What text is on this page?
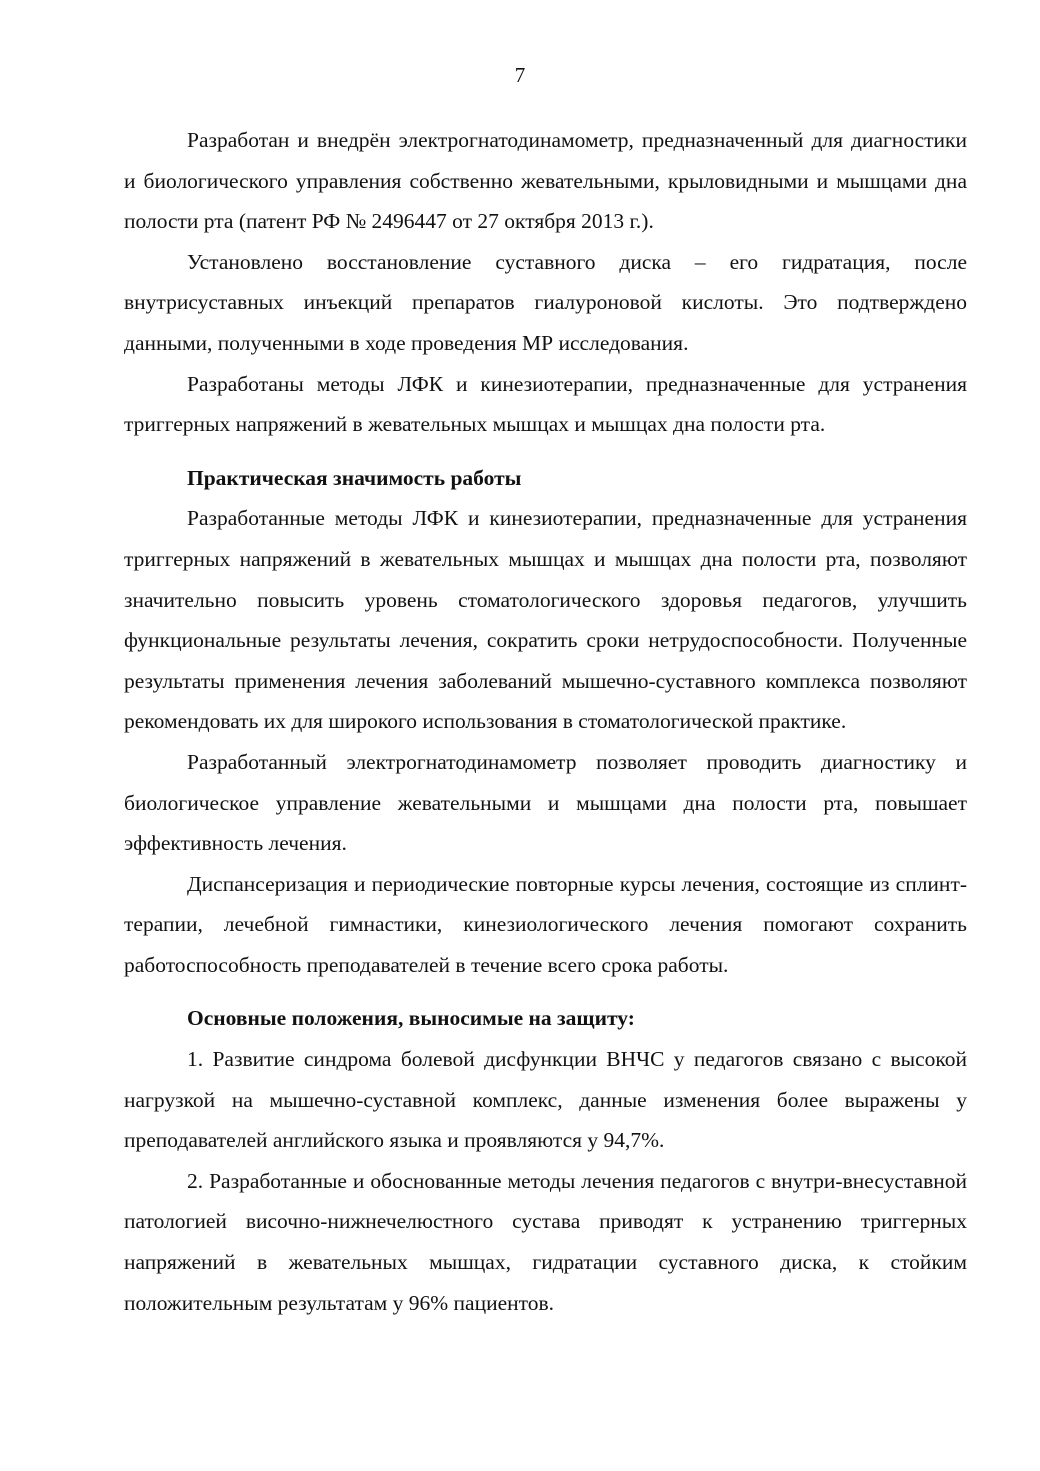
7

Разработан и внедрён электрогнатодинамометр, предназначенный для диагностики и биологического управления собственно жевательными, крыловидными и мышцами дна полости рта (патент РФ № 2496447 от 27 октября 2013 г.).

Установлено восстановление суставного диска – его гидратация, после внутрисуставных инъекций препаратов гиалуроновой кислоты. Это подтверждено данными, полученными в ходе проведения МР исследования.

Разработаны методы ЛФК и кинезиотерапии, предназначенные для устранения триггерных напряжений в жевательных мышцах и мышцах дна полости рта.

Практическая значимость работы

Разработанные методы ЛФК и кинезиотерапии, предназначенные для устранения триггерных напряжений в жевательных мышцах и мышцах дна полости рта, позволяют значительно повысить уровень стоматологического здоровья педагогов, улучшить функциональные результаты лечения, сократить сроки нетрудоспособности. Полученные результаты применения лечения заболеваний мышечно-суставного комплекса позволяют рекомендовать их для широкого использования в стоматологической практике.

Разработанный электрогнатодинамометр позволяет проводить диагностику и биологическое управление жевательными и мышцами дна полости рта, повышает эффективность лечения.

Диспансеризация и периодические повторные курсы лечения, состоящие из сплинт-терапии, лечебной гимнастики, кинезиологического лечения помогают сохранить работоспособность преподавателей в течение всего срока работы.

Основные положения, выносимые на защиту:

1. Развитие синдрома болевой дисфункции ВНЧС у педагогов связано с высокой нагрузкой на мышечно-суставной комплекс, данные изменения более выражены у преподавателей английского языка и проявляются у 94,7%.

2. Разработанные и обоснованные методы лечения педагогов с внутри-внесуставной патологией височно-нижнечелюстного сустава приводят к устранению триггерных напряжений в жевательных мышцах, гидратации суставного диска, к стойким положительным результатам у 96% пациентов.
